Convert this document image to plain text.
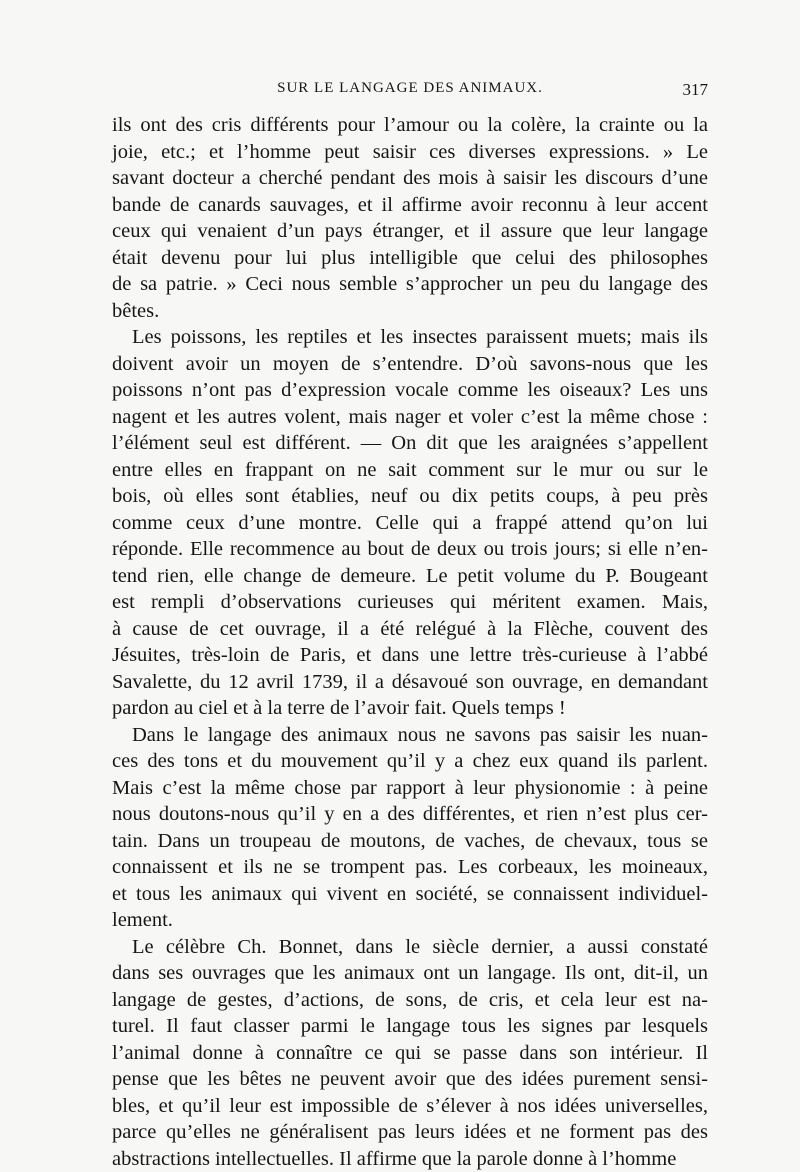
SUR LE LANGAGE DES ANIMAUX.	317

ils ont des cris différents pour l’amour ou la colère, la crainte ou la
joie, etc.; et l’homme peut saisir ces diverses expressions. » Le
savant docteur a cherché pendant des mois à saisir les discours d’une
bande de canards sauvages, et il affirme avoir reconnu à leur accent
ceux qui venaient d’un pays étranger, et il assure que leur langage
était devenu pour lui plus intelligible que celui des philosophes
de sa patrie. » Ceci nous semble s’approcher un peu du langage des
bêtes.

Les poissons, les reptiles et les insectes paraissent muets; mais ils
doivent avoir un moyen de s’entendre. D’où savons-nous que les
poissons n’ont pas d’expression vocale comme les oiseaux? Les uns
nagent et les autres volent, mais nager et voler c’est la même chose :
l’élément seul est différent. — On dit que les araignées s’appellent
entre elles en frappant on ne sait comment sur le mur ou sur le
bois, où elles sont établies, neuf ou dix petits coups, à peu près
comme ceux d’une montre. Celle qui a frappé attend qu’on lui
réponde. Elle recommence au bout de deux ou trois jours; si elle n’en-
tend rien, elle change de demeure. Le petit volume du P. Bougeant
est rempli d’observations curieuses qui méritent examen. Mais,
à cause de cet ouvrage, il a été relégué à la Flèche, couvent des
Jésuites, très-loin de Paris, et dans une lettre très-curieuse à l’abbé
Savalette, du 12 avril 1739, il a désavoué son ouvrage, en demandant
pardon au ciel et à la terre de l’avoir fait. Quels temps !

Dans le langage des animaux nous ne savons pas saisir les nuan-
ces des tons et du mouvement qu’il y a chez eux quand ils parlent.
Mais c’est la même chose par rapport à leur physionomie : à peine
nous doutons-nous qu’il y en a des différentes, et rien n’est plus cer-
tain. Dans un troupeau de moutons, de vaches, de chevaux, tous se
connaissent et ils ne se trompent pas. Les corbeaux, les moineaux,
et tous les animaux qui vivent en société, se connaissent individuel-
lement.

Le célèbre Ch. Bonnet, dans le siècle dernier, a aussi constaté
dans ses ouvrages que les animaux ont un langage. Ils ont, dit-il, un
langage de gestes, d’actions, de sons, de cris, et cela leur est na-
turel. Il faut classer parmi le langage tous les signes par lesquels
l’animal donne à connaître ce qui se passe dans son intérieur. Il
pense que les bêtes ne peuvent avoir que des idées purement sensi-
bles, et qu’il leur est impossible de s’élever à nos idées universelles,
parce qu’elles ne généralisent pas leurs idées et ne forment pas des
abstractions intellectuelles. Il affirme que la parole donne à l’homme
